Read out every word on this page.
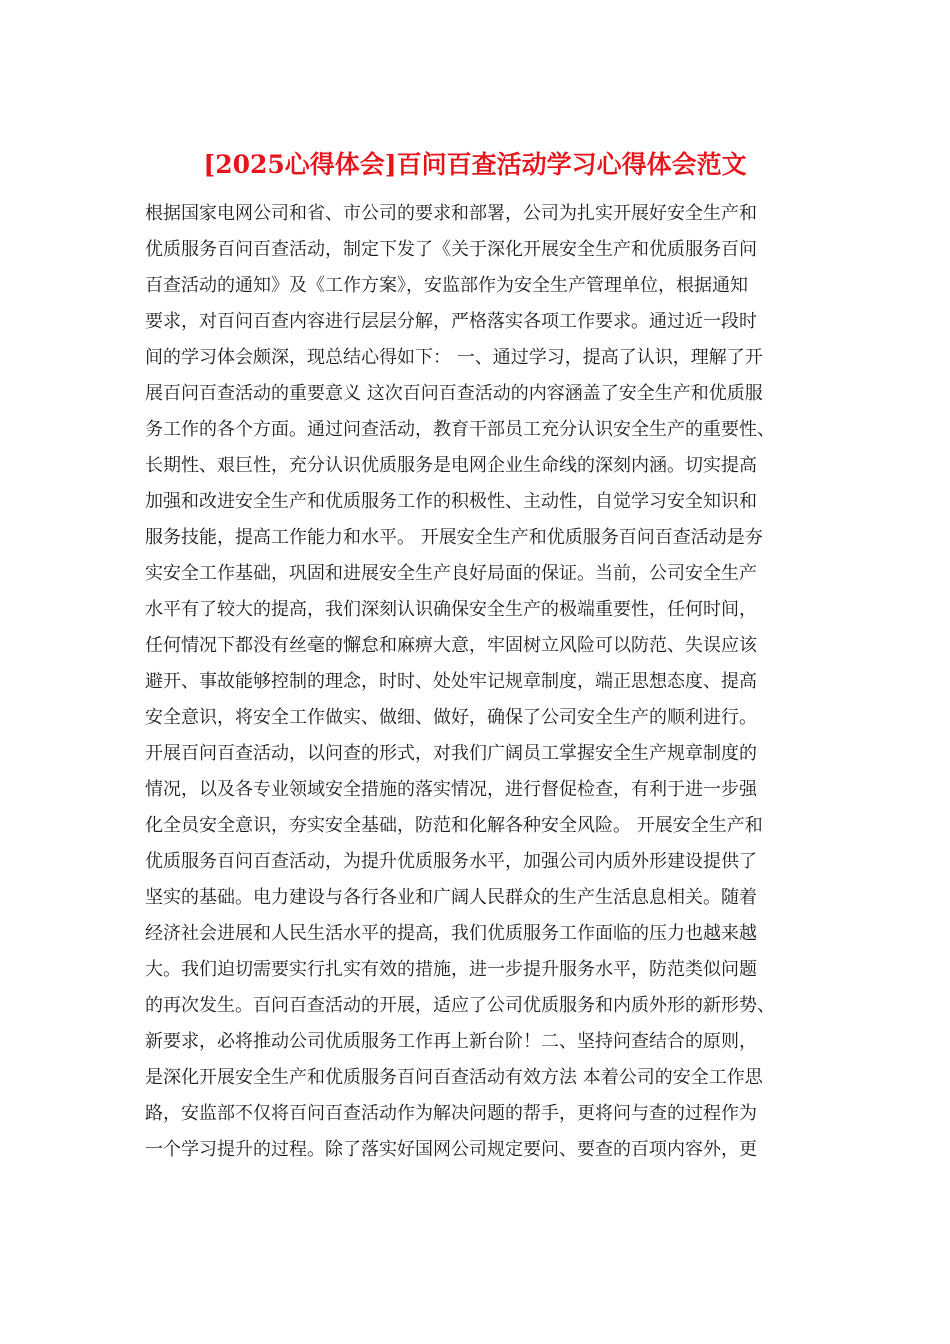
[2025心得体会]百问百查活动学习心得体会范文
根据国家电网公司和省、市公司的要求和部署，公司为扎实开展好安全生产和
优质服务百问百查活动，制定下发了《关于深化开展安全生产和优质服务百问
百查活动的通知》及《工作方案》，安监部作为安全生产管理单位，根据通知
要求，对百问百查内容进行层层分解，严格落实各项工作要求。通过近一段时
间的学习体会颇深，现总结心得如下： 一、通过学习，提高了认识，理解了开
展百问百查活动的重要意义 这次百问百查活动的内容涵盖了安全生产和优质服
务工作的各个方面。通过问查活动，教育干部员工充分认识安全生产的重要性、
长期性、艰巨性，充分认识优质服务是电网企业生命线的深刻内涵。切实提高
加强和改进安全生产和优质服务工作的积极性、主动性，自觉学习安全知识和
服务技能，提高工作能力和水平。 开展安全生产和优质服务百问百查活动是夯
实安全工作基础，巩固和进展安全生产良好局面的保证。当前，公司安全生产
水平有了较大的提高，我们深刻认识确保安全生产的极端重要性，任何时间，
任何情况下都没有丝毫的懈怠和麻痹大意，牢固树立风险可以防范、失误应该
避开、事故能够控制的理念，时时、处处牢记规章制度，端正思想态度、提高
安全意识，将安全工作做实、做细、做好，确保了公司安全生产的顺利进行。
开展百问百查活动，以问查的形式，对我们广阔员工掌握安全生产规章制度的
情况，以及各专业领域安全措施的落实情况，进行督促检查，有利于进一步强
化全员安全意识，夯实安全基础，防范和化解各种安全风险。 开展安全生产和
优质服务百问百查活动，为提升优质服务水平，加强公司内质外形建设提供了
坚实的基础。电力建设与各行各业和广阔人民群众的生产生活息息相关。随着
经济社会进展和人民生活水平的提高，我们优质服务工作面临的压力也越来越
大。我们迫切需要实行扎实有效的措施，进一步提升服务水平，防范类似问题
的再次发生。百问百查活动的开展，适应了公司优质服务和内质外形的新形势、
新要求，必将推动公司优质服务工作再上新台阶！二、坚持问查结合的原则，
是深化开展安全生产和优质服务百问百查活动有效方法 本着公司的安全工作思
路，安监部不仅将百问百查活动作为解决问题的帮手，更将问与查的过程作为
一个学习提升的过程。除了落实好国网公司规定要问、要查的百项内容外，更
